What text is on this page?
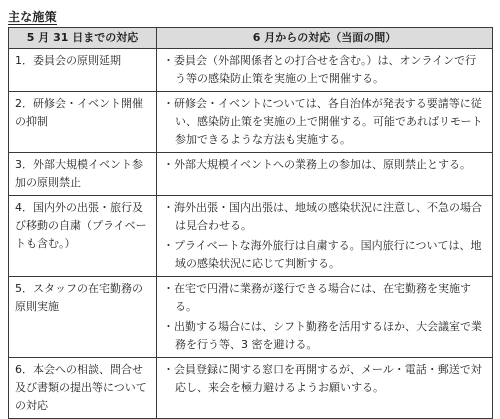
主な施策
5 月 31 日までの対応	6 月からの対応（当面の間）
1．委員会の原則延期	・委員会（外部関係者との打合せを含む。）は、オンラインで行う等の感染防止策を実施の上で開催する。

2．研修会・イベント開催の抑制	・研修会・イベントについては、各自治体が発表する要請等に従い、感染防止策を実施の上で開催する。可能であればリモート参加できるような方法も実施する。

3．外部大規模イベント参加の原則禁止	・外部大規模イベントへの業務上の参加は、原則禁止とする。

4．国内外の出張・旅行及び移動の自粛（プライベートも含む。）	・海外出張・国内出張は、地域の感染状況に注意し、不急の場合は見合わせる。
・プライベートな海外旅行は自粛する。国内旅行については、地域の感染状況に応じて判断する。

5．スタッフの在宅勤務の原則実施	・在宅で円滑に業務が遂行できる場合には、在宅勤務を実施する。
・出勤する場合には、シフト勤務を活用するほか、大会議室で業務を行う等、3 密を避ける。

6．本会への相談、問合せ及び書類の提出等についての対応	・会員登録に関する窓口を再開するが、メール・電話・郵送で対応し、来会を極力避けるようお願いする。
